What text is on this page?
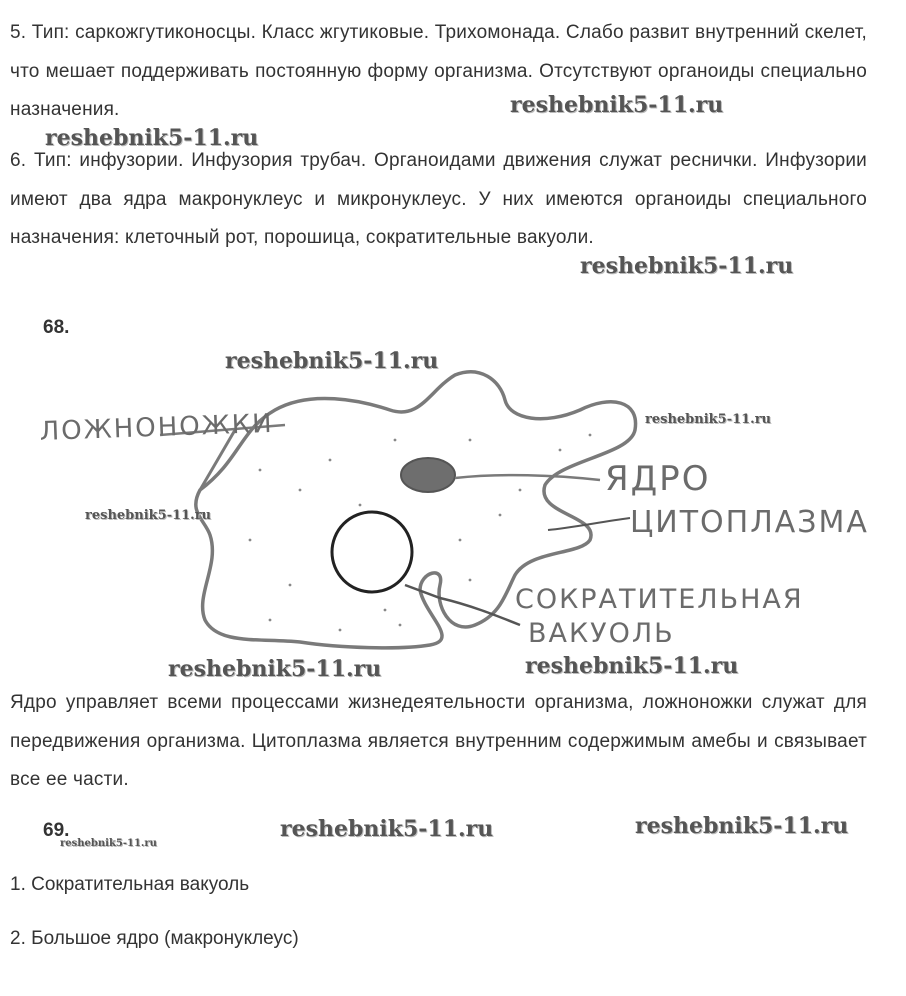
5. Тип: саркожгутиконосцы. Класс жгутиковые. Трихомонада. Слабо развит внутренний скелет, что мешает поддерживать постоянную форму организма. Отсутствуют органоиды специально назначения.

6. Тип: инфузории. Инфузория трубач. Органоидами движения служат реснички. Инфузории имеют два ядра макронуклеус и микронуклеус. У них имеются органоиды специального назначения: клеточный рот, порошица, сократительные вакуоли.

68.
ЛОЖНОНОЖКИ
ЯДРО
ЦИТОПЛАЗМА
СОКРАТИТЕЛЬНАЯ
ВАКУОЛЬ

Ядро управляет всеми процессами жизнедеятельности организма, ложноножки служат для передвижения организма. Цитоплазма является внутренним содержимым амебы и связывает все ее части.

69.
1. Сократительная вакуоль
2. Большое ядро (макронуклеус)
reshebnik5-11.ru
reshebnik5-11.ru
reshebnik5-11.ru
reshebnik5-11.ru
reshebnik5-11.ru
reshebnik5-11.ru
reshebnik5-11.ru	reshebnik5-11.ru
reshebnik5-11.ru	reshebnik5-11.ru
reshebnik5-11.ru
